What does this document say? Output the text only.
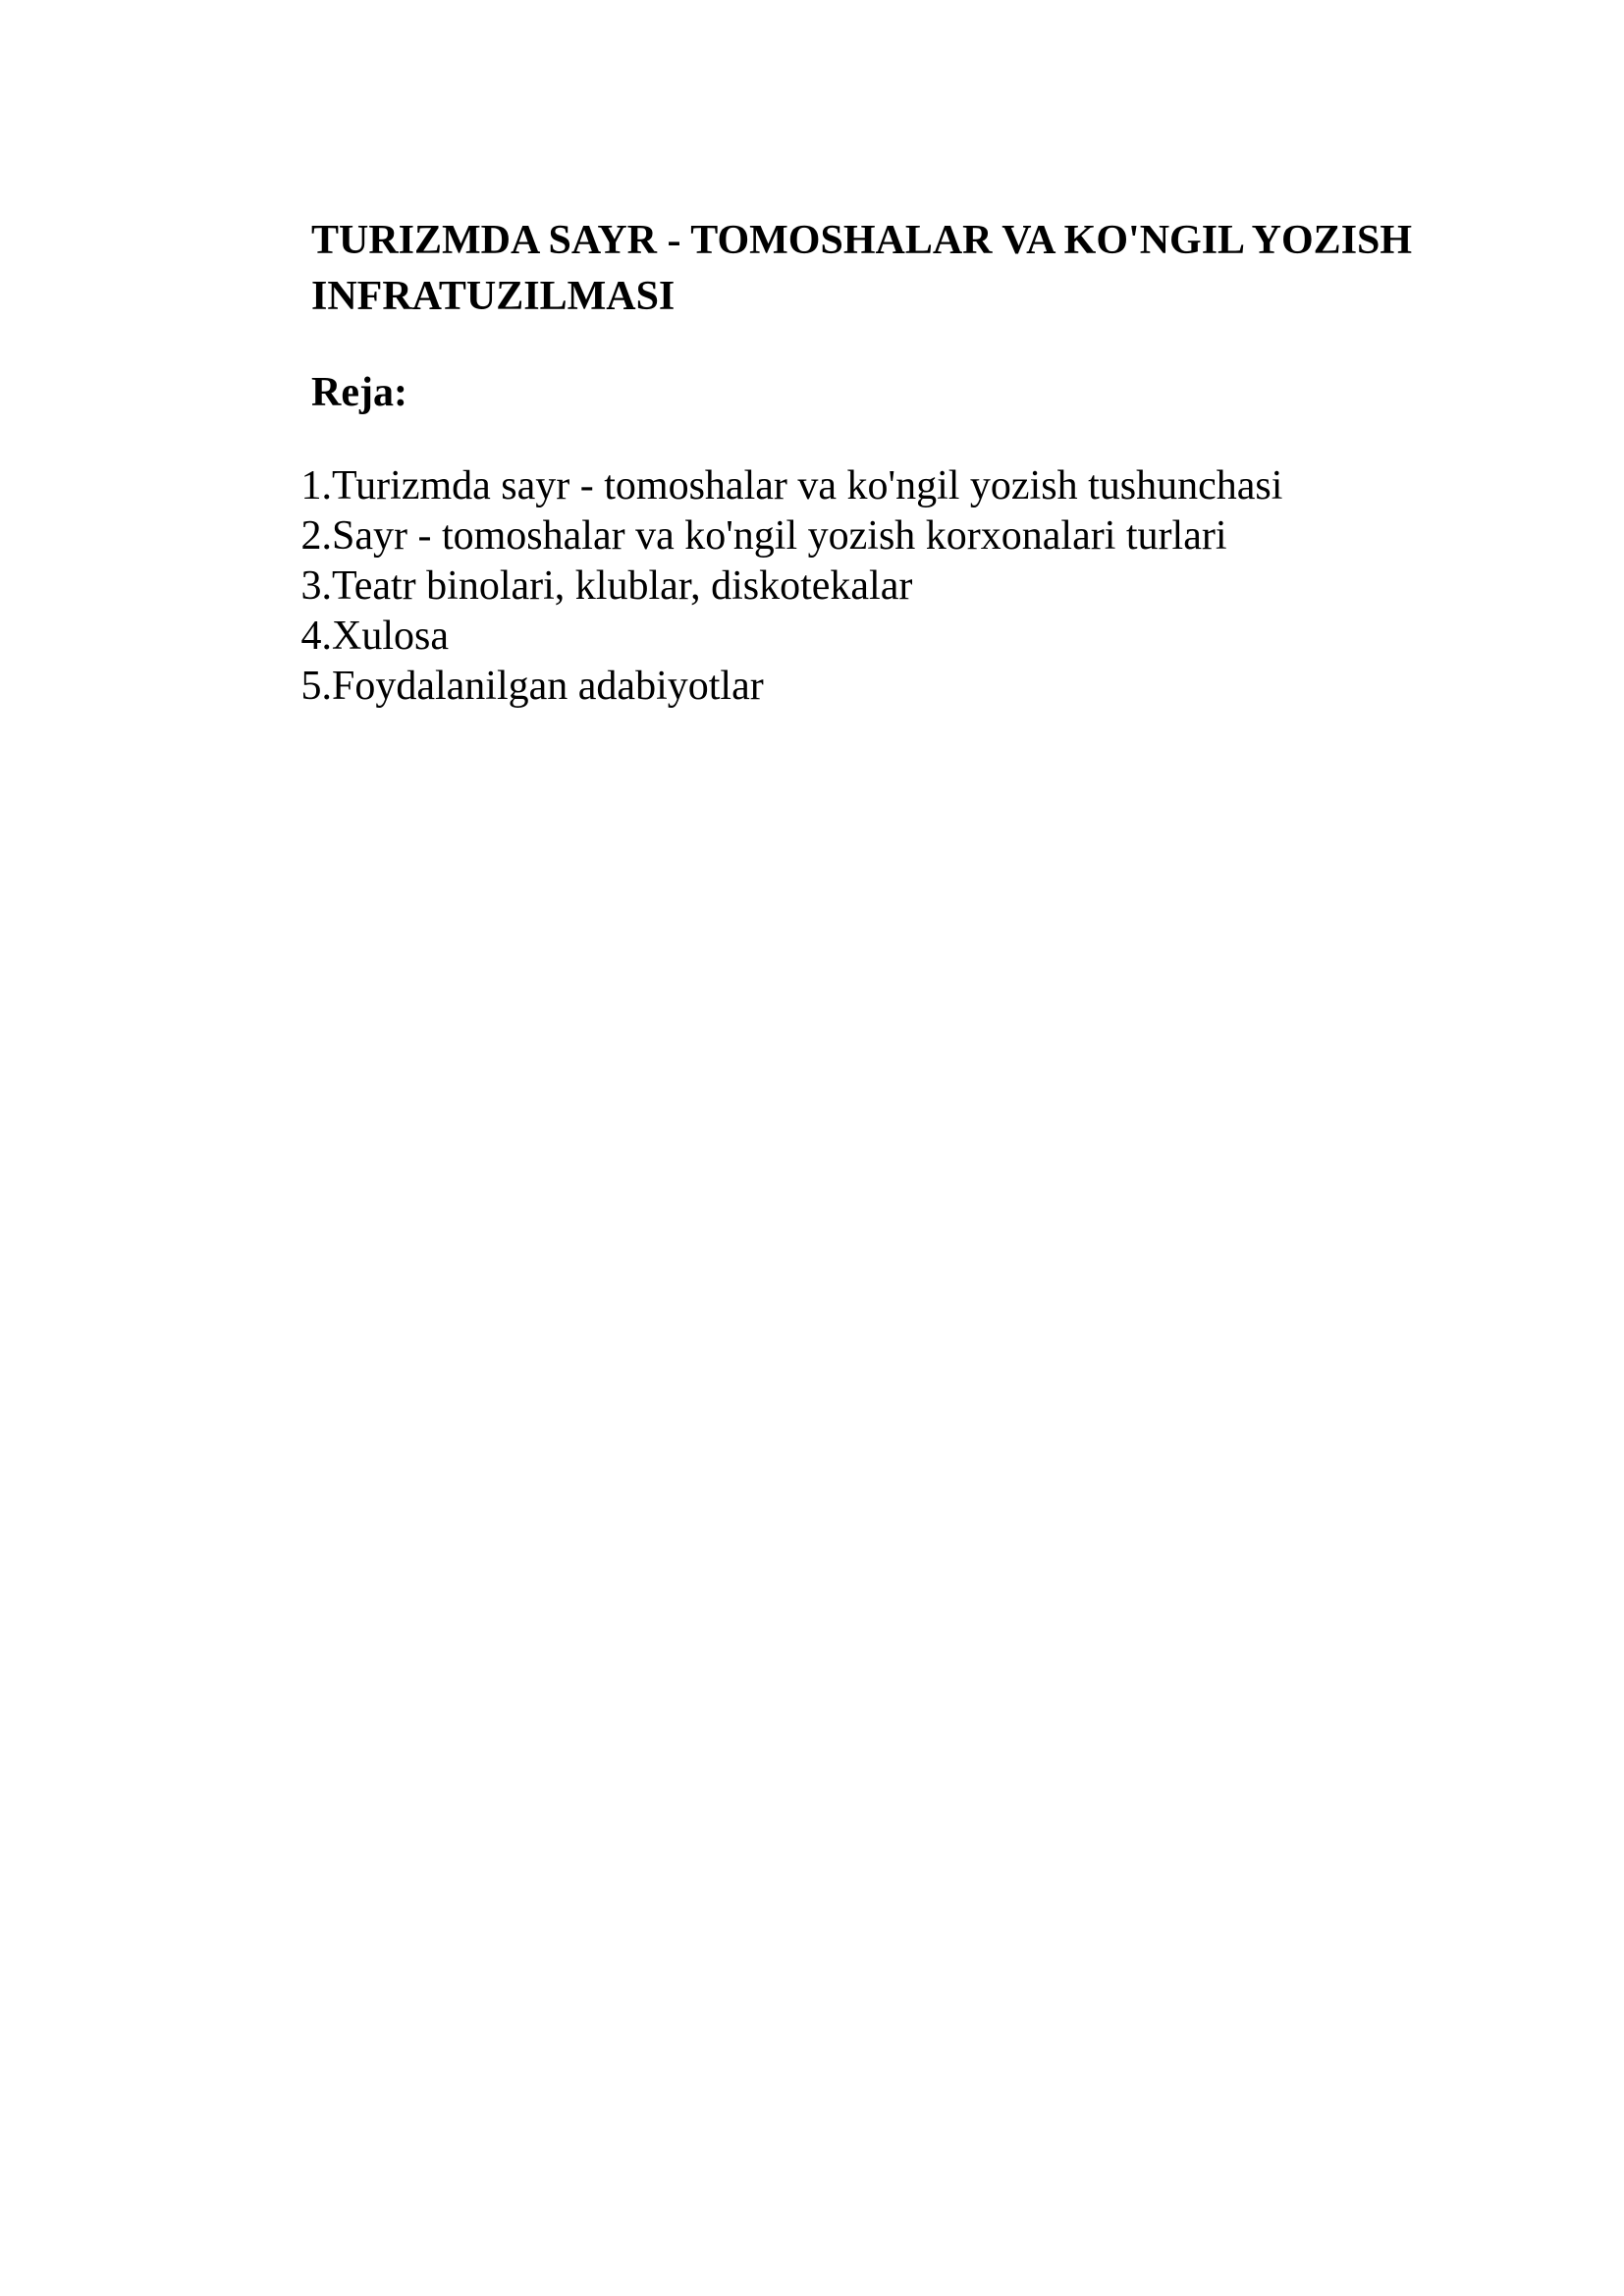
TURIZMDA SAYR - TOMOSHALAR VA KO'NGIL YOZISH
INFRATUZILMASI
Reja:
1. Turizmda sayr - tomoshalar va ko'ngil yozish tushunchasi
2. Sayr - tomoshalar va ko'ngil yozish korxonalari turlari
3. Teatr binolari, klublar, diskotekalar
4. Xulosa
5. Foydalanilgan adabiyotlar
